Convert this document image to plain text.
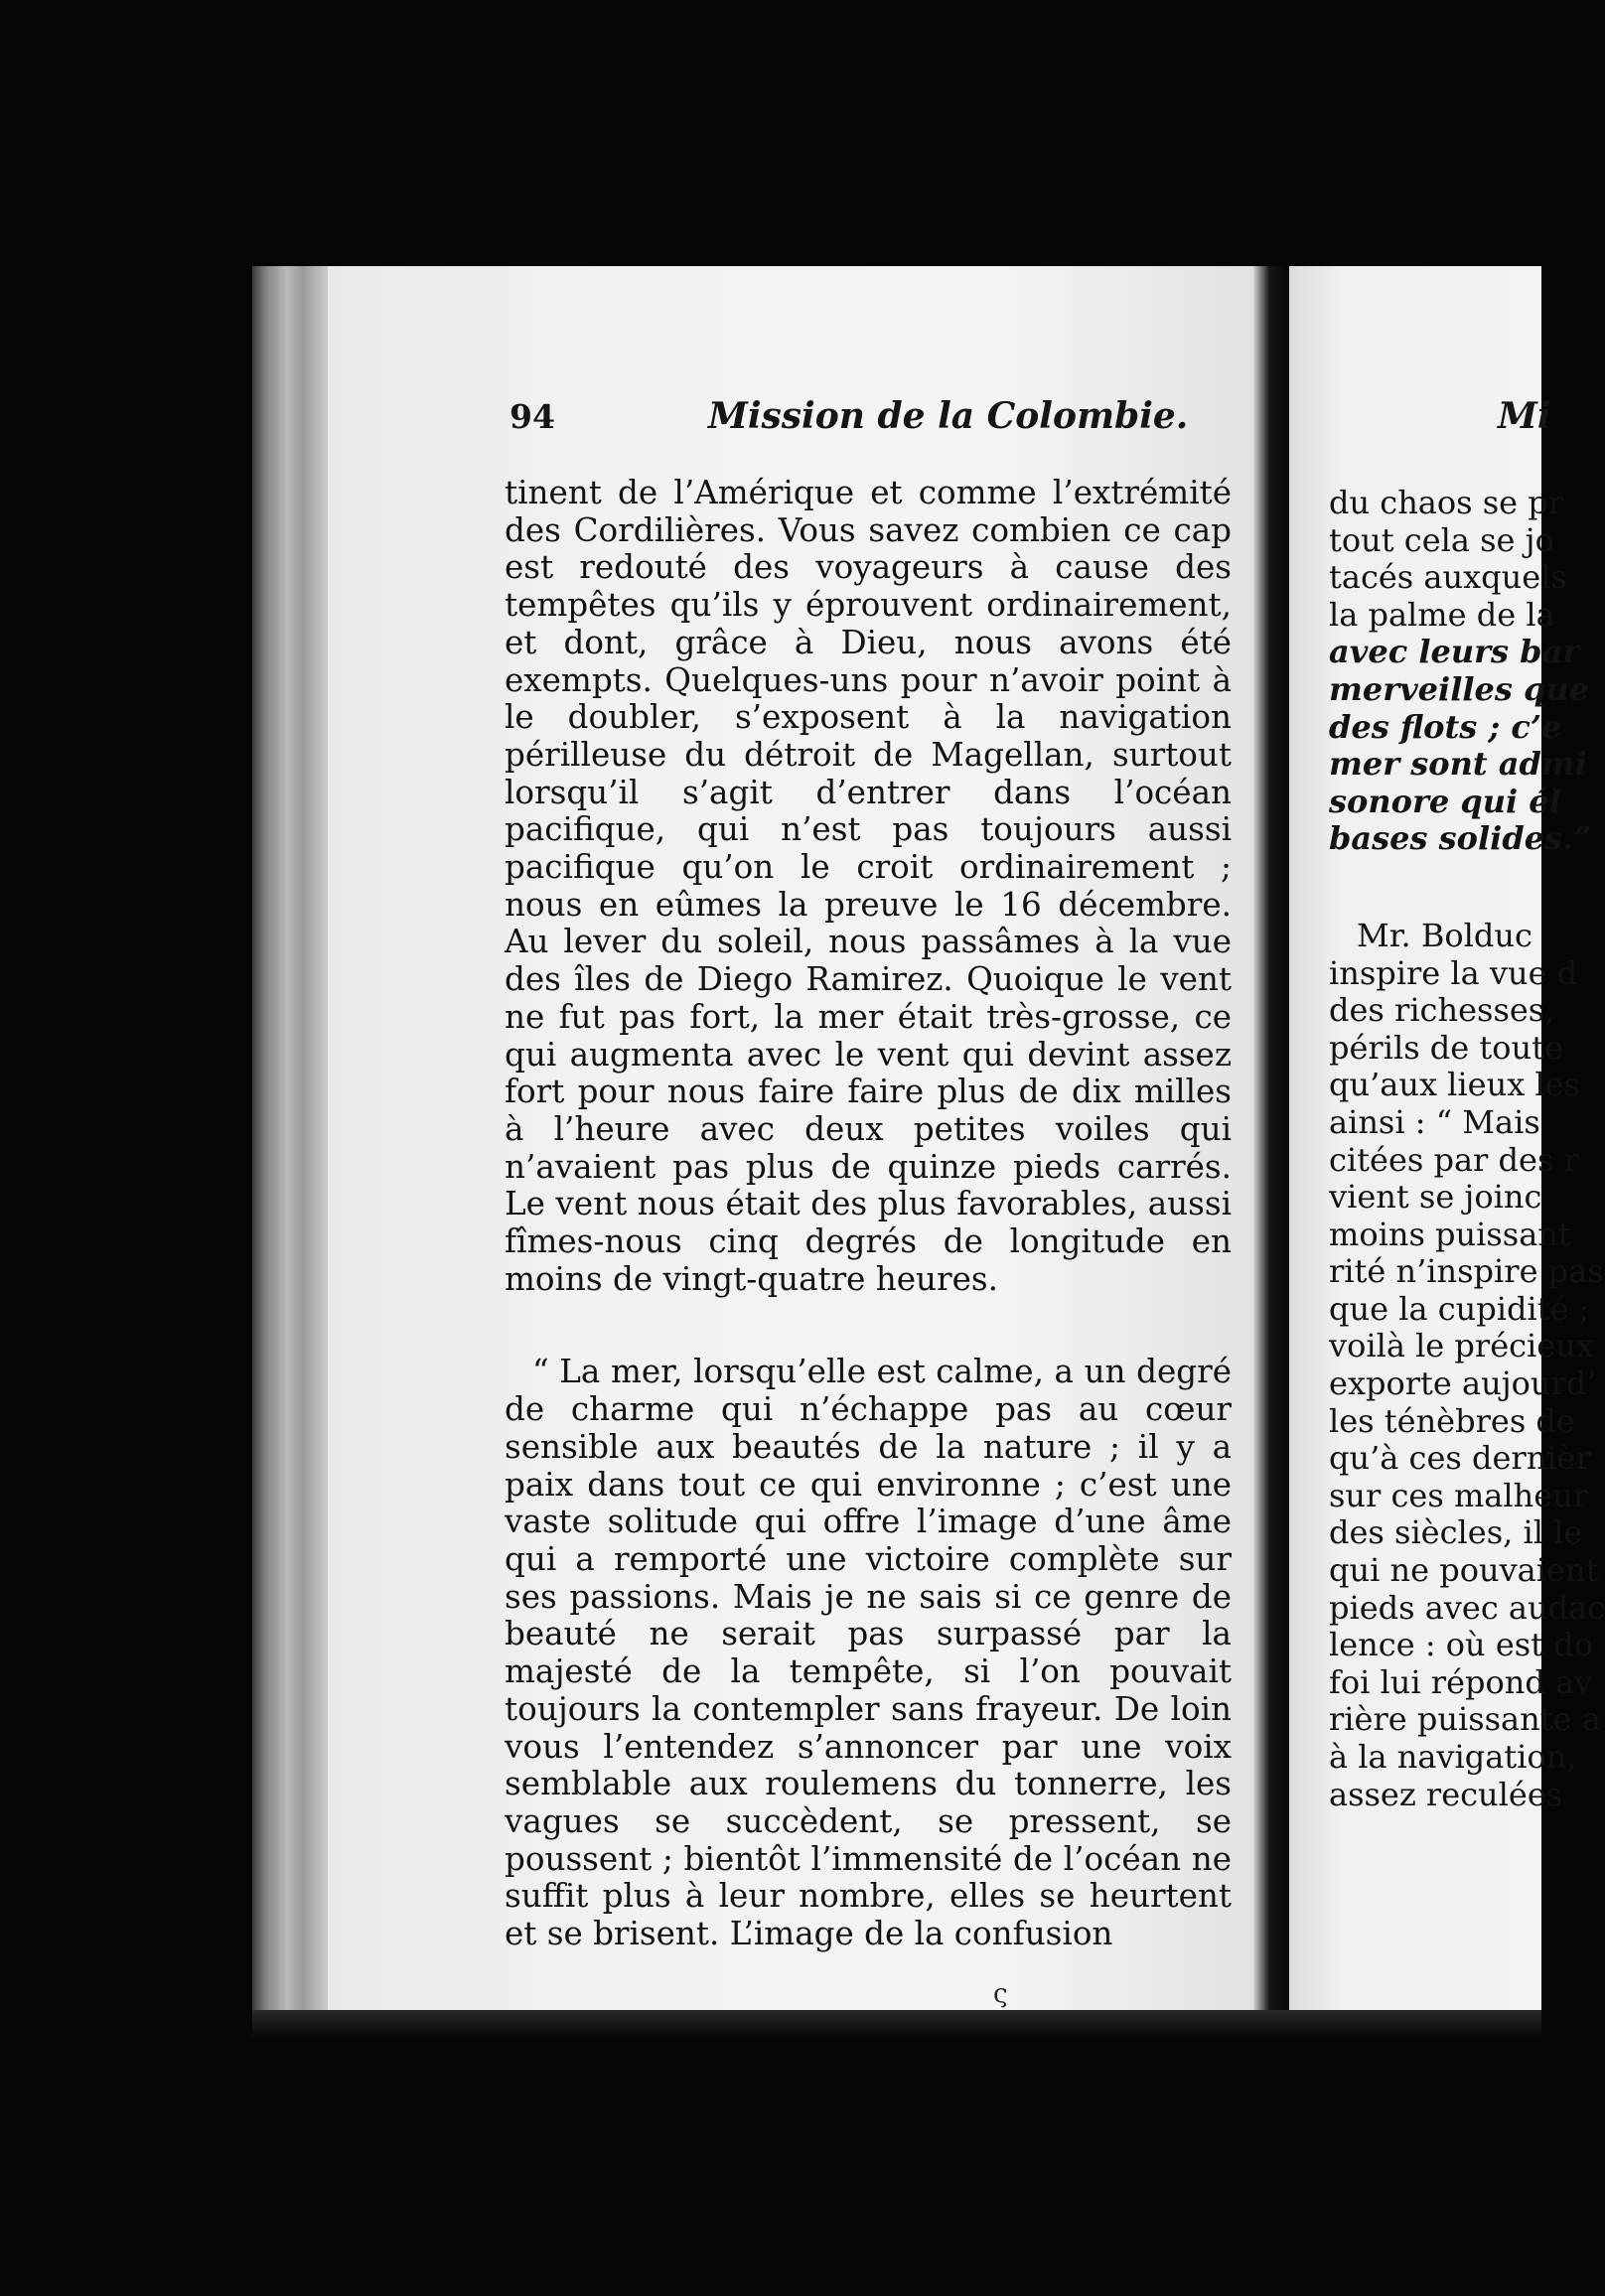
94	Mission de la Colombie.

tinent de l’Amérique et comme l’extrémité des Cordilières. Vous savez combien ce cap est redouté des voyageurs à cause des tempêtes qu’ils y éprouvent ordinairement, et dont, grâce à Dieu, nous avons été exempts. Quelques-uns pour n’avoir point à le doubler, s’exposent à la navigation périlleuse du détroit de Magellan, surtout lorsqu’il s’agit d’entrer dans l’océan pacifique, qui n’est pas toujours aussi pacifique qu’on le croit ordinairement ; nous en eûmes la preuve le 16 décembre. Au lever du soleil, nous passâmes à la vue des îles de Diego Ramirez. Quoique le vent ne fut pas fort, la mer était très-grosse, ce qui augmenta avec le vent qui devint assez fort pour nous faire faire plus de dix milles à l’heure avec deux petites voiles qui n’avaient pas plus de quinze pieds carrés. Le vent nous était des plus favorables, aussi fîmes-nous cinq degrés de longitude en moins de vingt-quatre heures.

“ La mer, lorsqu’elle est calme, a un degré de charme qui n’échappe pas au cœur sensible aux beautés de la nature ; il y a paix dans tout ce qui environne ; c’est une vaste solitude qui offre l’image d’une âme qui a remporté une victoire complète sur ses passions. Mais je ne sais si ce genre de beauté ne serait pas surpassé par la majesté de la tempête, si l’on pouvait toujours la contempler sans frayeur. De loin vous l’entendez s’annoncer par une voix semblable aux roulemens du tonnerre, les vagues se succèdent, se pressent, se poussent ; bientôt l’immensité de l’océan ne suffit plus à leur nombre, elles se heurtent et se brisent. L’image de la confusion

Mi
du chaos se pr
tout cela se jo
tacés auxquels
la palme de la
avec leurs bar
merveilles que
des flots ; c’e
mer sont admi
sonore qui él
bases solides.”
Mr. Bolduc
inspire la vue d
des richesses,
périls de toute
qu’aux lieux les
ainsi : “ Mais
citées par des r
vient se joinc
moins puissant
rité n’inspire pas
que la cupidité ;
voilà le précieux
exporte aujourd’
les ténèbres de
qu’à ces dernièr
sur ces malheur
des siècles, il le
qui ne pouvaient
pieds avec audac
lence : où est do
foi lui répond av
rière puissante a
à la navigation,
assez reculées
ς
